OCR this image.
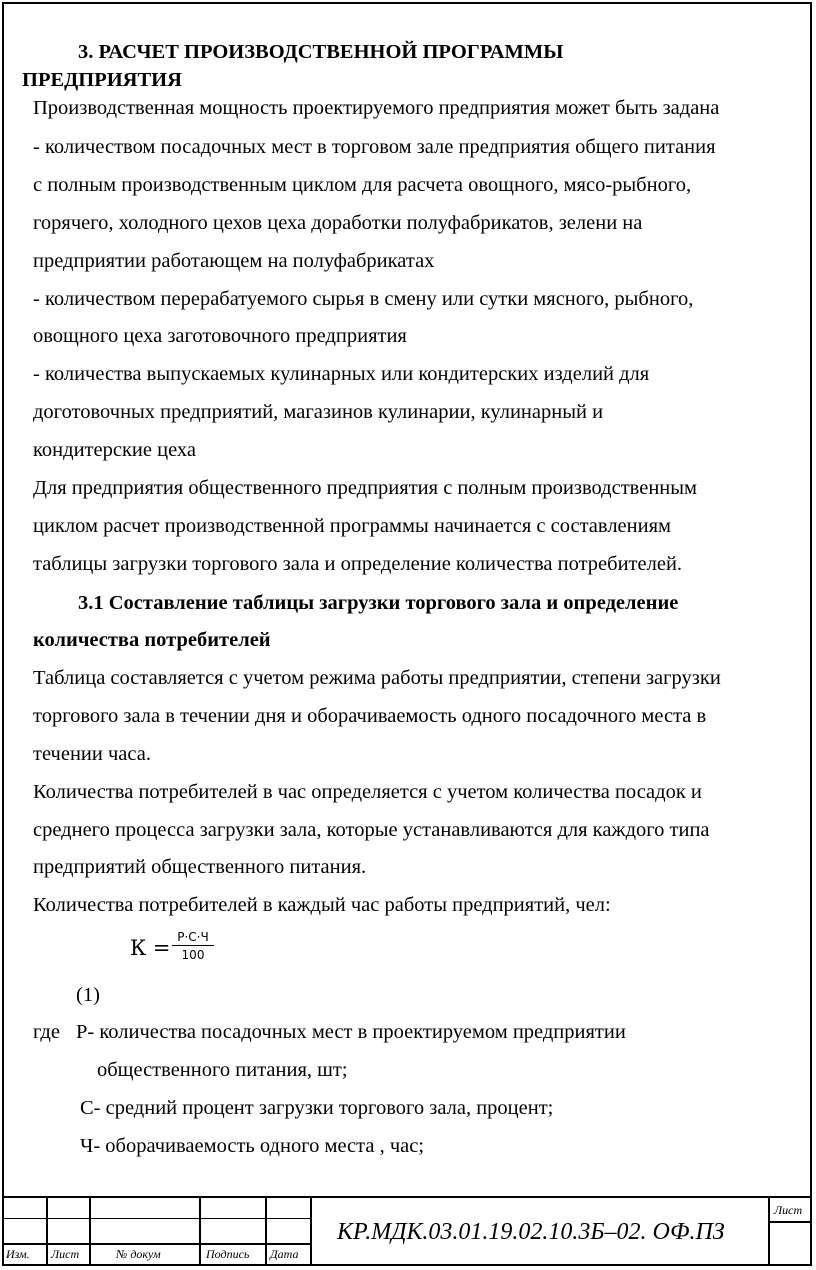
3. РАСЧЕТ ПРОИЗВОДСТВЕННОЙ ПРОГРАММЫ
ПРЕДПРИЯТИЯ
Производственная мощность проектируемого предприятия может быть задана
- количеством посадочных мест в торговом зале предприятия общего питания
с полным производственным циклом для расчета овощного, мясо-рыбного,
горячего, холодного цехов цеха доработки полуфабрикатов, зелени на
предприятии работающем на полуфабрикатах
- количеством перерабатуемого сырья в смену или сутки мясного, рыбного,
овощного цеха заготовочного предприятия
- количества выпускаемых кулинарных или кондитерских изделий для
доготовочных предприятий, магазинов кулинарии, кулинарный и
кондитерские цеха
Для предприятия общественного предприятия с полным производственным
циклом расчет производственной программы начинается с составлениям
таблицы загрузки торгового зала и определение количества потребителей.
3.1 Составление таблицы загрузки торгового зала и определение
количества потребителей
Таблица составляется с учетом режима работы предприятии, степени загрузки
торгового зала в течении дня и оборачиваемость одного посадочного места в
течении часа.
Количества потребителей в час определяется с учетом количества посадок и
среднего процесса загрузки зала, которые устанавливаются для каждого типа
предприятий общественного питания.
Количества потребителей в каждый час работы предприятий, чел:
К = Р·С·Ч
100
(1)
где Р- количества посадочных мест в проектируемом предприятии
общественного питания, шт;
С- средний процент загрузки торгового зала, процент;
Ч- оборачиваемость одного места , час;
Изм. Лист	№ докум	Подпись Дата
Лист
КР.МДК.03.01.19.02.10.3Б–02. ОФ.ПЗ
